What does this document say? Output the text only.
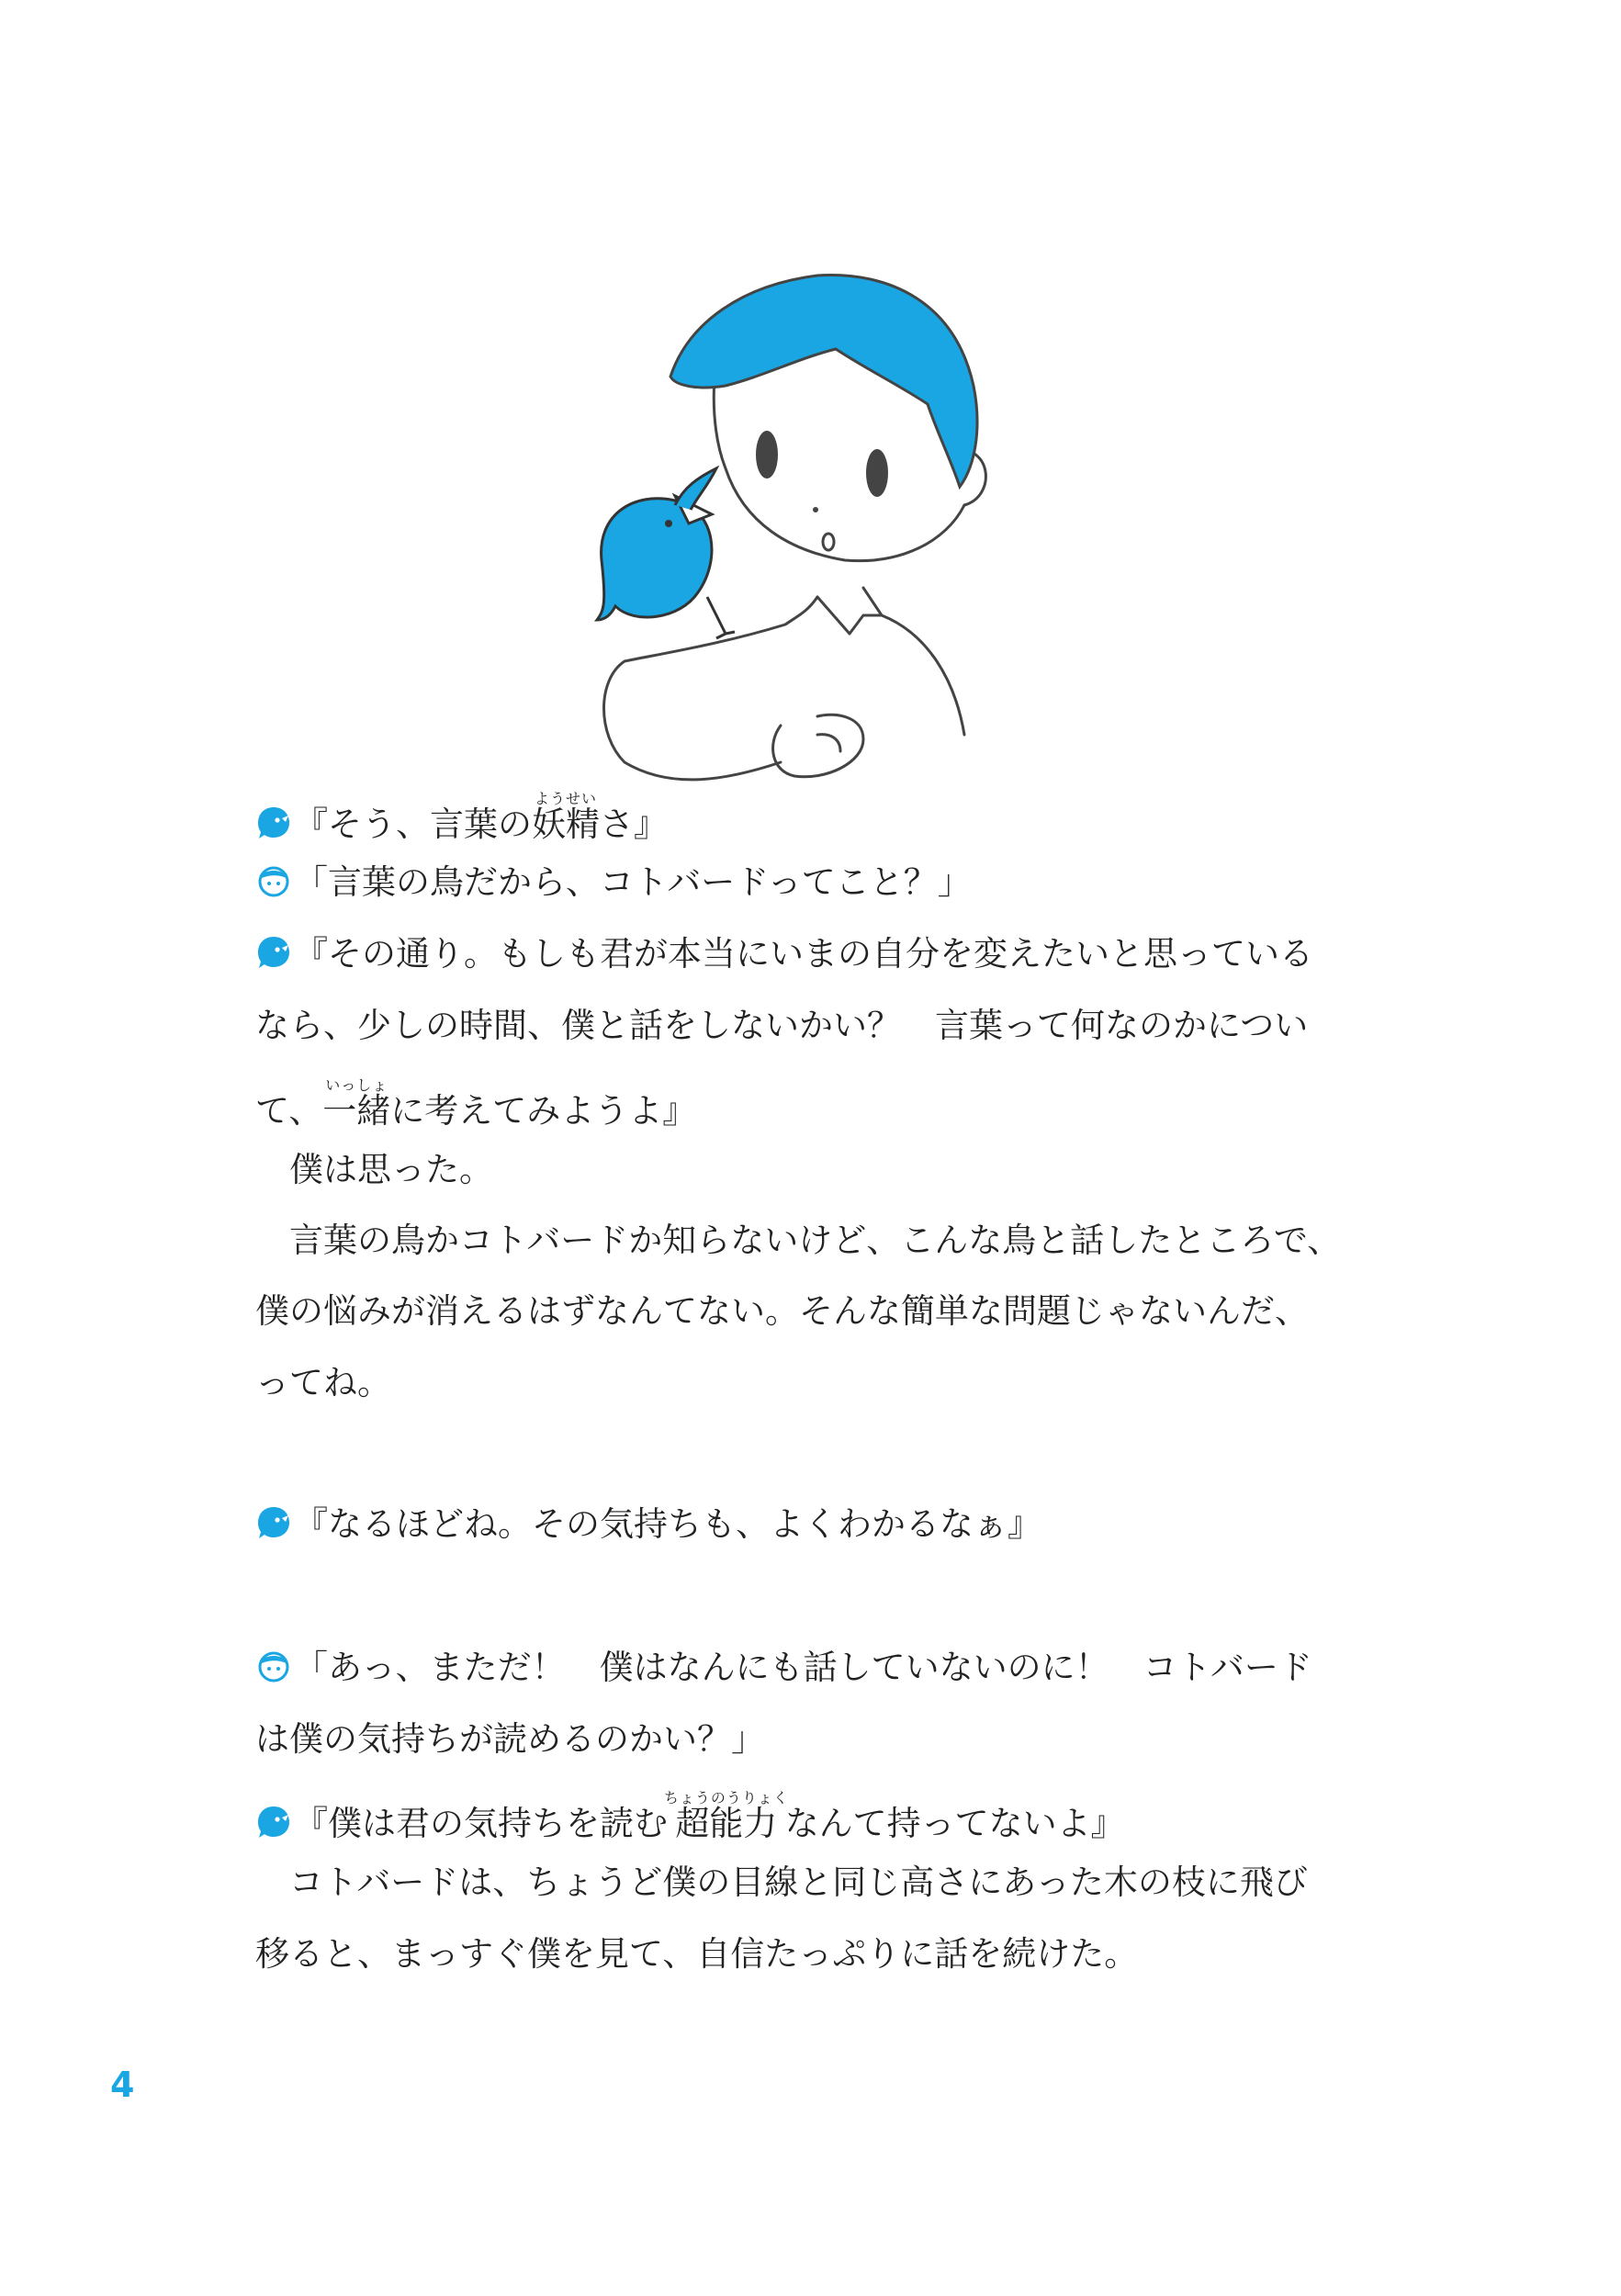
『そう、言葉の妖精ようせいさ』
「言葉の鳥だから、コトバードってこと？」
『その通り。もしも君が本当にいまの自分を変えたいと思っている
なら、少しの時間、僕と話をしないかい？　言葉って何なのかについ
て、一緒いっしょに考えてみようよ』
　僕は思った。
　言葉の鳥かコトバードか知らないけど、こんな鳥と話したところで、
僕の悩みが消えるはずなんてない。そんな簡単な問題じゃないんだ、
ってね。
『なるほどね。その気持ちも、よくわかるなぁ』
「あっ、まただ！　僕はなんにも話していないのに！　コトバード
は僕の気持ちが読めるのかい？」
『僕は君の気持ちを読む超能力ちょうのうりょくなんて持ってないよ』
　コトバードは、ちょうど僕の目線と同じ高さにあった木の枝に飛び
移ると、まっすぐ僕を見て、自信たっぷりに話を続けた。
4
